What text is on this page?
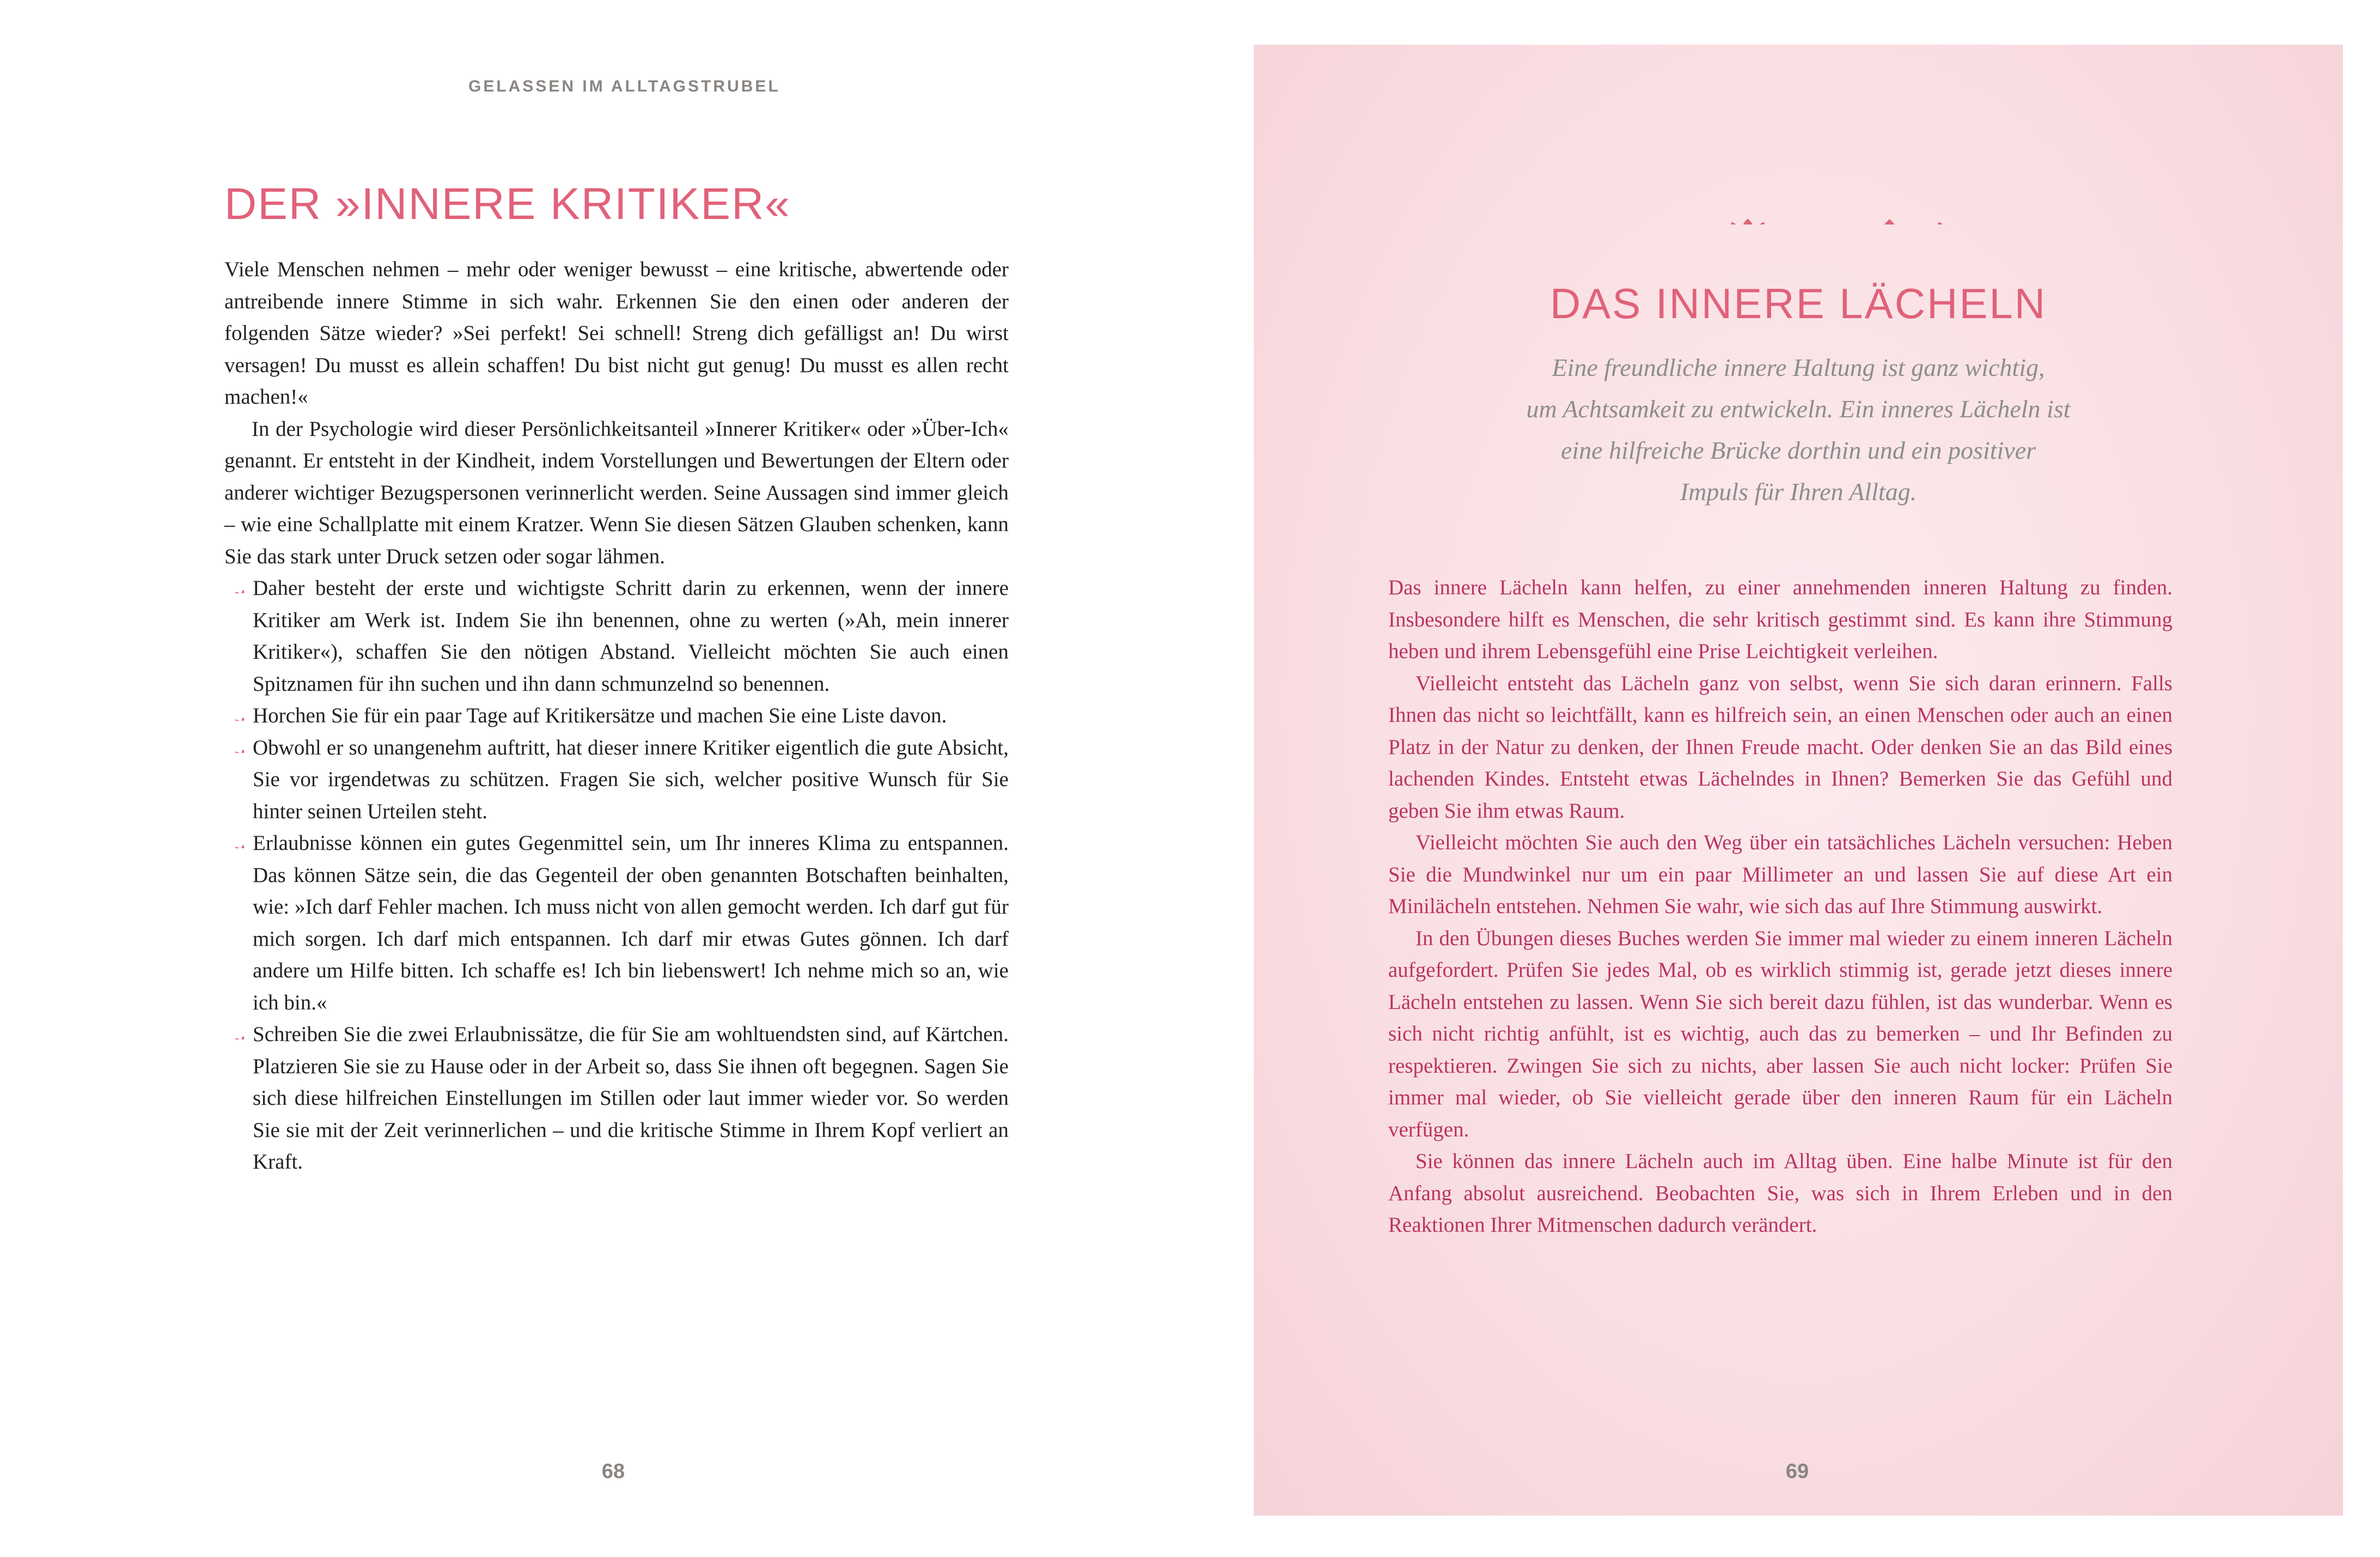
GELASSEN IM ALLTAGSTRUBEL
DER »INNERE KRITIKER«

Viele Menschen nehmen – mehr oder weniger bewusst – eine kritische, abwertende oder antreibende innere Stimme in sich wahr. Erkennen Sie den einen oder anderen der folgenden Sätze wieder? »Sei perfekt! Sei schnell! Streng dich gefälligst an! Du wirst versagen! Du musst es allein schaffen! Du bist nicht gut genug! Du musst es allen recht machen!«

In der Psychologie wird dieser Persönlichkeitsanteil »Innerer Kritiker« oder »Über-Ich« genannt. Er entsteht in der Kindheit, indem Vorstellungen und Bewertungen der Eltern oder anderer wichtiger Bezugspersonen verinnerlicht werden. Seine Aussagen sind immer gleich – wie eine Schallplatte mit einem Kratzer. Wenn Sie diesen Sätzen Glauben schenken, kann Sie das stark unter Druck setzen oder sogar lähmen.

Daher besteht der erste und wichtigste Schritt darin zu erkennen, wenn der innere Kritiker am Werk ist. Indem Sie ihn benennen, ohne zu werten (»Ah, mein innerer Kritiker«), schaffen Sie den nötigen Abstand. Vielleicht möchten Sie auch einen Spitznamen für ihn suchen und ihn dann schmunzelnd so benennen.
Horchen Sie für ein paar Tage auf Kritikersätze und machen Sie eine Liste davon.
Obwohl er so unangenehm auftritt, hat dieser innere Kritiker eigentlich die gute Absicht, Sie vor irgendetwas zu schützen. Fragen Sie sich, welcher positive Wunsch für Sie hinter seinen Urteilen steht.
Erlaubnisse können ein gutes Gegenmittel sein, um Ihr inneres Klima zu entspannen. Das können Sätze sein, die das Gegenteil der oben genannten Botschaften beinhalten, wie: »Ich darf Fehler machen. Ich muss nicht von allen gemocht werden. Ich darf gut für mich sorgen. Ich darf mich entspannen. Ich darf mir etwas Gutes gönnen. Ich darf andere um Hilfe bitten. Ich schaffe es! Ich bin liebenswert! Ich nehme mich so an, wie ich bin.«
Schreiben Sie die zwei Erlaubnissätze, die für Sie am wohltuendsten sind, auf Kärtchen. Platzieren Sie sie zu Hause oder in der Arbeit so, dass Sie ihnen oft begegnen. Sagen Sie sich diese hilfreichen Einstellungen im Stillen oder laut immer wieder vor. So werden Sie sie mit der Zeit verinnerlichen – und die kritische Stimme in Ihrem Kopf verliert an Kraft.
68
DAS INNERE LÄCHELN

Eine freundliche innere Haltung ist ganz wichtig,
um Achtsamkeit zu entwickeln. Ein inneres Lächeln ist
eine hilfreiche Brücke dorthin und ein positiver
Impuls für Ihren Alltag.

Das innere Lächeln kann helfen, zu einer annehmenden inneren Haltung zu finden. Insbesondere hilft es Menschen, die sehr kritisch gestimmt sind. Es kann ihre Stimmung heben und ihrem Lebensgefühl eine Prise Leichtigkeit verleihen.

Vielleicht entsteht das Lächeln ganz von selbst, wenn Sie sich daran erinnern. Falls Ihnen das nicht so leichtfällt, kann es hilfreich sein, an einen Menschen oder auch an einen Platz in der Natur zu denken, der Ihnen Freude macht. Oder denken Sie an das Bild eines lachenden Kindes. Entsteht etwas Lächelndes in Ihnen? Bemerken Sie das Gefühl und geben Sie ihm etwas Raum.

Vielleicht möchten Sie auch den Weg über ein tatsächliches Lächeln versuchen: Heben Sie die Mundwinkel nur um ein paar Millimeter an und lassen Sie auf diese Art ein Minilächeln entstehen. Nehmen Sie wahr, wie sich das auf Ihre Stimmung auswirkt.

In den Übungen dieses Buches werden Sie immer mal wieder zu einem inneren Lächeln aufgefordert. Prüfen Sie jedes Mal, ob es wirklich stimmig ist, gerade jetzt dieses innere Lächeln entstehen zu lassen. Wenn Sie sich bereit dazu fühlen, ist das wunderbar. Wenn es sich nicht richtig anfühlt, ist es wichtig, auch das zu bemerken – und Ihr Befinden zu respektieren. Zwingen Sie sich zu nichts, aber lassen Sie auch nicht locker: Prüfen Sie immer mal wieder, ob Sie vielleicht gerade über den inneren Raum für ein Lächeln verfügen.

Sie können das innere Lächeln auch im Alltag üben. Eine halbe Minute ist für den Anfang absolut ausreichend. Beobachten Sie, was sich in Ihrem Erleben und in den Reaktionen Ihrer Mitmenschen dadurch verändert.

69
